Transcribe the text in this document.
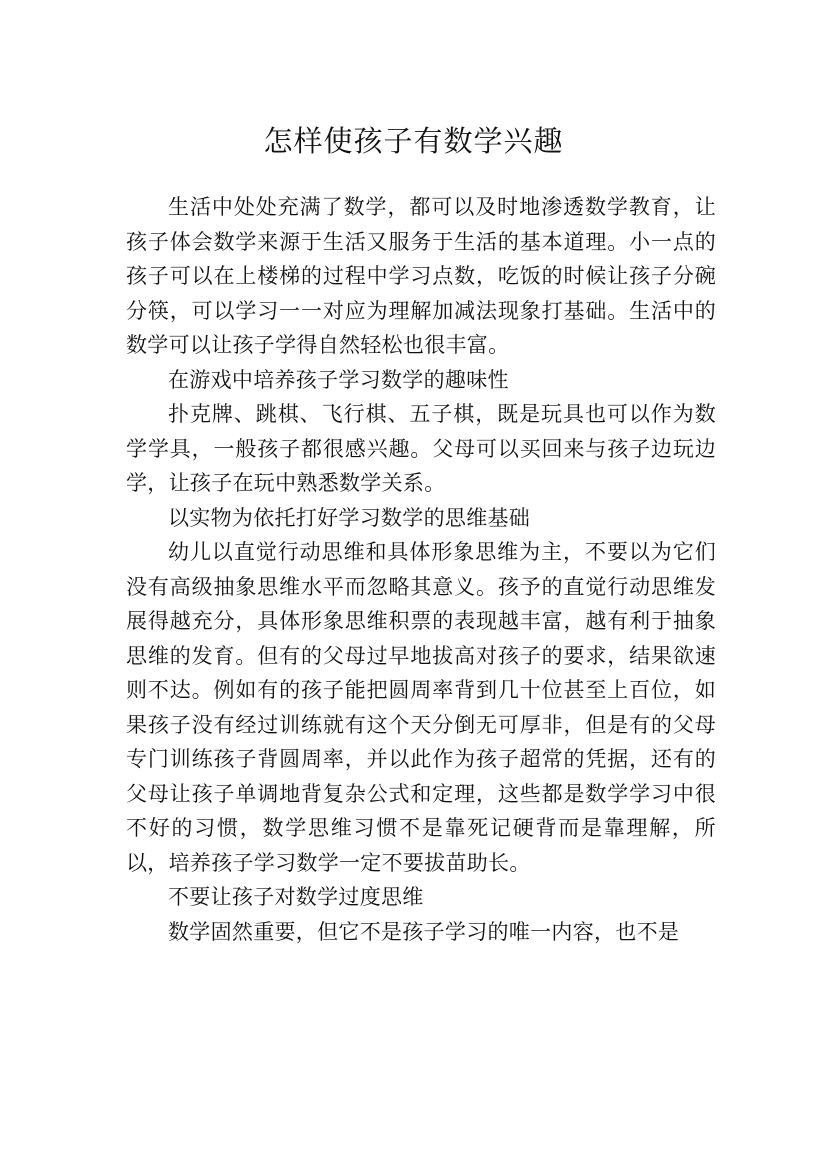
怎样使孩子有数学兴趣

生活中处处充满了数学，都可以及时地渗透数学教育，让孩子体会数学来源于生活又服务于生活的基本道理。小一点的孩子可以在上楼梯的过程中学习点数，吃饭的时候让孩子分碗分筷，可以学习一一对应为理解加减法现象打基础。生活中的数学可以让孩子学得自然轻松也很丰富。

在游戏中培养孩子学习数学的趣味性

扑克牌、跳棋、飞行棋、五子棋，既是玩具也可以作为数学学具，一般孩子都很感兴趣。父母可以买回来与孩子边玩边学，让孩子在玩中熟悉数学关系。

以实物为依托打好学习数学的思维基础

幼儿以直觉行动思维和具体形象思维为主，不要以为它们没有高级抽象思维水平而忽略其意义。孩予的直觉行动思维发展得越充分，具体形象思维积票的表现越丰富，越有利于抽象思维的发育。但有的父母过早地拔高对孩子的要求，结果欲速则不达。例如有的孩子能把圆周率背到几十位甚至上百位，如果孩子没有经过训练就有这个天分倒无可厚非，但是有的父母专门训练孩子背圆周率，并以此作为孩子超常的凭据，还有的父母让孩子单调地背复杂公式和定理，这些都是数学学习中很不好的习惯，数学思维习惯不是靠死记硬背而是靠理解，所以，培养孩子学习数学一定不要拔苗助长。

不要让孩子对数学过度思维

数学固然重要，但它不是孩子学习的唯一内容，也不是
